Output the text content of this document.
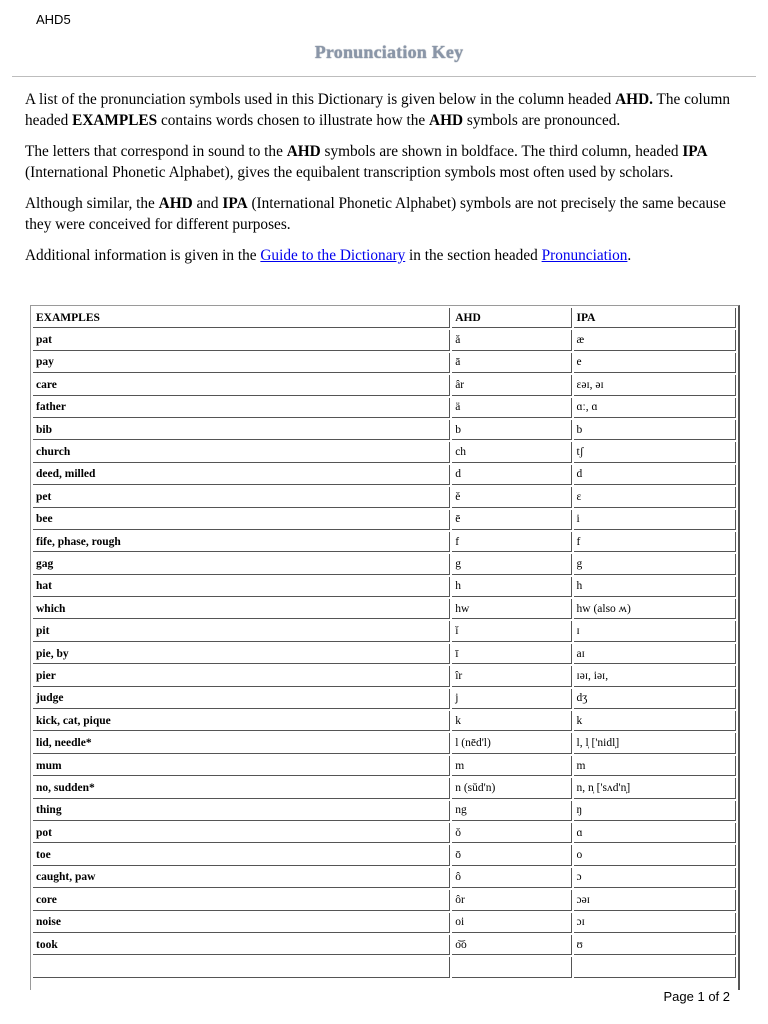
AHD5
Pronunciation Key

A list of the pronunciation symbols used in this Dictionary is given below in the column headed AHD. The column headed EXAMPLES contains words chosen to illustrate how the AHD symbols are pronounced.

The letters that correspond in sound to the AHD symbols are shown in boldface. The third column, headed IPA (International Phonetic Alphabet), gives the equibalent transcription symbols most often used by scholars.

Although similar, the AHD and IPA (International Phonetic Alphabet) symbols are not precisely the same because they were conceived for different purposes.

Additional information is given in the Guide to the Dictionary in the section headed Pronunciation.

EXAMPLES	AHD	IPA
pat	ă	æ
pay	ā	e
care	âr	ɛəɪ, əɪ
father	ä	ɑː, ɑ
bib	b	b
church	ch	tʃ
deed, milled	d	d
pet	ĕ	ɛ
bee	ē	i
fife, phase, rough	f	f
gag	g	g
hat	h	h
which	hw	hw (also ʍ)
pit	ĭ	ɪ
pie, by	ī	aɪ
pier	îr	ɪəɪ, iəɪ,
judge	j	dʒ
kick, cat, pique	k	k
lid, needle*	l (nēd'l)	l, l̩ ['nidl̩]
mum	m	m
no, sudden*	n (sŭd'n)	n, n̩ ['sʌd'n̩]
thing	ng	ŋ
pot	ŏ	ɑ
toe	ō	o
caught, paw	ô	ɔ
core	ôr	ɔəɪ
noise	oi	ɔɪ
took	o͝o	ʊ

Page 1 of 2
